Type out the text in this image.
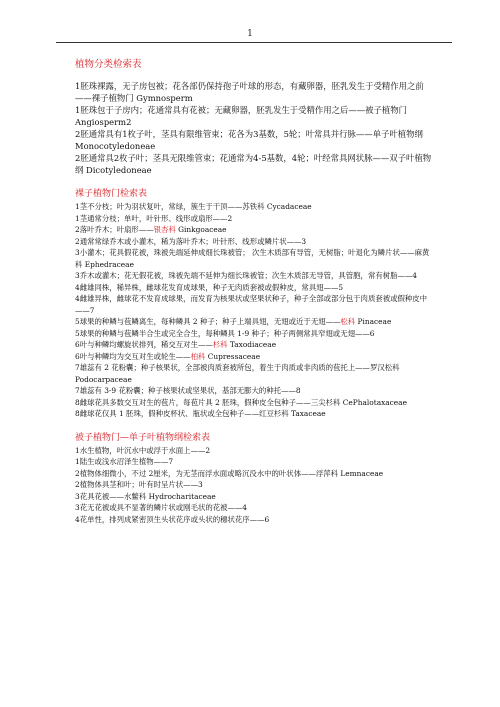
1
植物分类检索表
1胚珠裸露，无子房包被；花各部仍保持孢子叶球的形态，有藏卵器，胚乳发生于受精作用之前——裸子植物门 Gymnosperm
1胚珠包于子房内；花通常具有花被；无藏卵器，胚乳发生于受精作用之后——被子植物门 Angiosperm2
2胚通常具有1枚子叶，茎具有限维管束；花各为3基数，5轮；叶常具并行脉——单子叶植物纲 Monocotyledoneae
2胚通常具2枚子叶；茎具无限维管束；花通常为4-5基数，4轮；叶经常具网状脉——双子叶植物纲 Dicotyledoneae
裸子植物门检索表
1茎不分枝；叶为羽状复叶，常绿，簇生于干顶——苏铁科 Cycadaceae
1茎通常分枝；单叶，叶针形、线形或扇形——2
2落叶乔木；叶扇形——银杏科 Ginkgoaceae
2通常常绿乔木或小灌木，稀为落叶乔木；叶针形、线形或鳞片状——3
3小灌木；花具假花被，珠被先端延伸成细长珠被管； 次生木质部有导管，无树脂；叶退化为鳞片状——麻黄科 Ephedraceae
3乔木或灌木；花无假花被，珠被先端不延伸为细长珠被管；次生木质部无导管，具管胞，常有树脂——4
4雌雄同株，稀异株，雌球花发育成球果，种子无肉质套被或假种皮，常具翅——5
4雌雄异株，雌球花不发育成球果，而发育为核果状或坚果状种子，种子全部或部分包于肉质套被或假种皮中——7
5球果的种鳞与苞鳞离生，每种鳞具 2 种子；种子上端具翅，无翅或近于无翅——松科 Pinaceae
5球果的种鳞与苞鳞半合生或完全合生，每种鳞具 1-9 种子；种子两侧常具窄翅或无翅——6
6叶与种鳞均螺旋状排列，稀交互对生——杉科 Taxodiaceae
6叶与种鳞均为交互对生或轮生——柏科 Cupressaceae
7雄蕊有 2 花粉囊；种子核果状，全部被肉质套被所包，着生于肉质或非肉质的苞托上——罗汉松科 Podocarpaceae
7雄蕊有 3-9 花粉囊；种子核果状或坚果状，基部无膨大的种托——8
8雌球花具多数交互对生的苞片，每苞片具 2 胚珠，假种皮全包种子——三尖杉科 CePhalotaxaceae
8雌球花仅具 1 胚珠，假种皮杯状、瓶状或全包种子——红豆杉科 Taxaceae
被子植物门—单子叶植物纲检索表
1水生植物，叶沉水中或浮于水面上——2
1陆生或浅水沼泽生植物——7
2植物体细微小，不过 2厘米，为无茎而浮水面或略沉没水中的叶状体——浮萍科 Lemnaceae
2植物体具茎和叶；叶有时呈片状——3
3花具花被——水鳖科 Hydrocharitaceae
3花无花被或具不显著的鳞片状或刚毛状的花被——4
4花单性，排列成紧密顶生头状花序或头状的穗状花序——6
